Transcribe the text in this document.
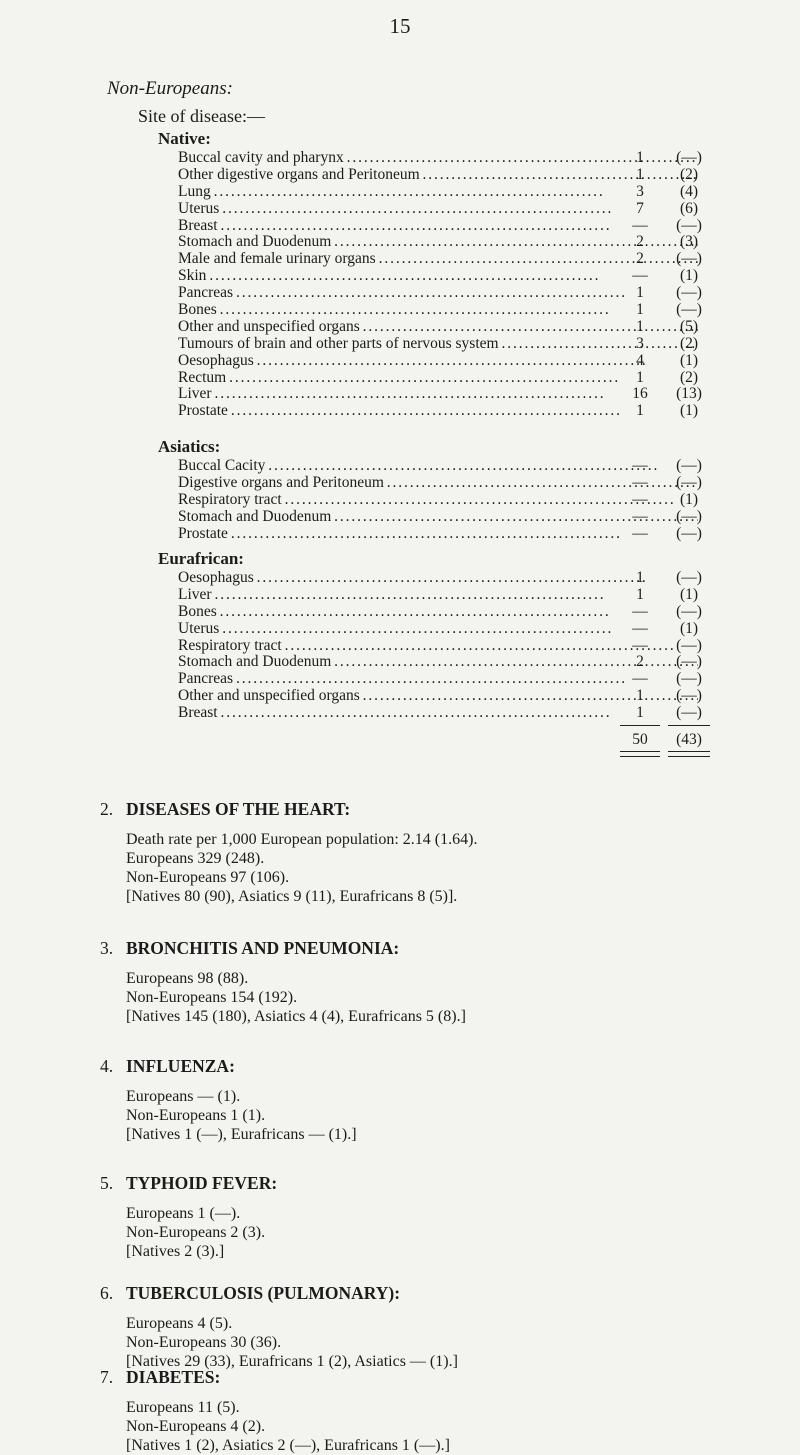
15
Non-Europeans:
Site of disease:—
Native:
Buccal cavity and pharynx . . .	1	(—)
Other digestive organs and Peritoneum . . .	1	(2)
Lung . . .	3	(4)
Uterus . . .	7	(6)
Breast . . .	—	(—)
Stomach and Duodenum . . .	2	(3)
Male and female urinary organs . . .	2	(—)
Skin . . .	—	(1)
Pancreas . . .	1	(—)
Bones . . .	1	(—)
Other and unspecified organs . . .	1	(5)
Tumours of brain and other parts of nervous system . . .	3	(2)
Oesophagus . . .	4	(1)
Rectum . . .	1	(2)
Liver . . .	16	(13)
Prostate . . .	1	(1)
Asiatics:
Buccal Cacity . . .	—	(—)
Digestive organs and Peritoneum . . .	—	(—)
Respiratory tract . . .	—	(1)
Stomach and Duodenum . . .	—	(—)
Prostate . . .	—	(—)
Eurafrican:
Oesophagus . . .	1	(—)
Liver . . .	1	(1)
Bones . . .	—	(—)
Uterus . . .	—	(1)
Respiratory tract . . .	—	(—)
Stomach and Duodenum . . .	2	(—)
Pancreas . . .	—	(—)
Other and unspecified organs . . .	1	(—)
Breast . . .	1	(—)
50	(43)
2. DISEASES OF THE HEART:
Death rate per 1,000 European population: 2.14 (1.64).
Europeans 329 (248).
Non-Europeans 97 (106).
[Natives 80 (90), Asiatics 9 (11), Eurafricans 8 (5)].
3. BRONCHITIS AND PNEUMONIA:
Europeans 98 (88).
Non-Europeans 154 (192).
[Natives 145 (180), Asiatics 4 (4), Eurafricans 5 (8).]
4. INFLUENZA:
Europeans — (1).
Non-Europeans 1 (1).
[Natives 1 (—), Eurafricans — (1).]
5. TYPHOID FEVER:
Europeans 1 (—).
Non-Europeans 2 (3).
[Natives 2 (3).]
6. TUBERCULOSIS (PULMONARY):
Europeans 4 (5).
Non-Europeans 30 (36).
[Natives 29 (33), Eurafricans 1 (2), Asiatics — (1).]
7. DIABETES:
Europeans 11 (5).
Non-Europeans 4 (2).
[Natives 1 (2), Asiatics 2 (—), Eurafricans 1 (—).]
